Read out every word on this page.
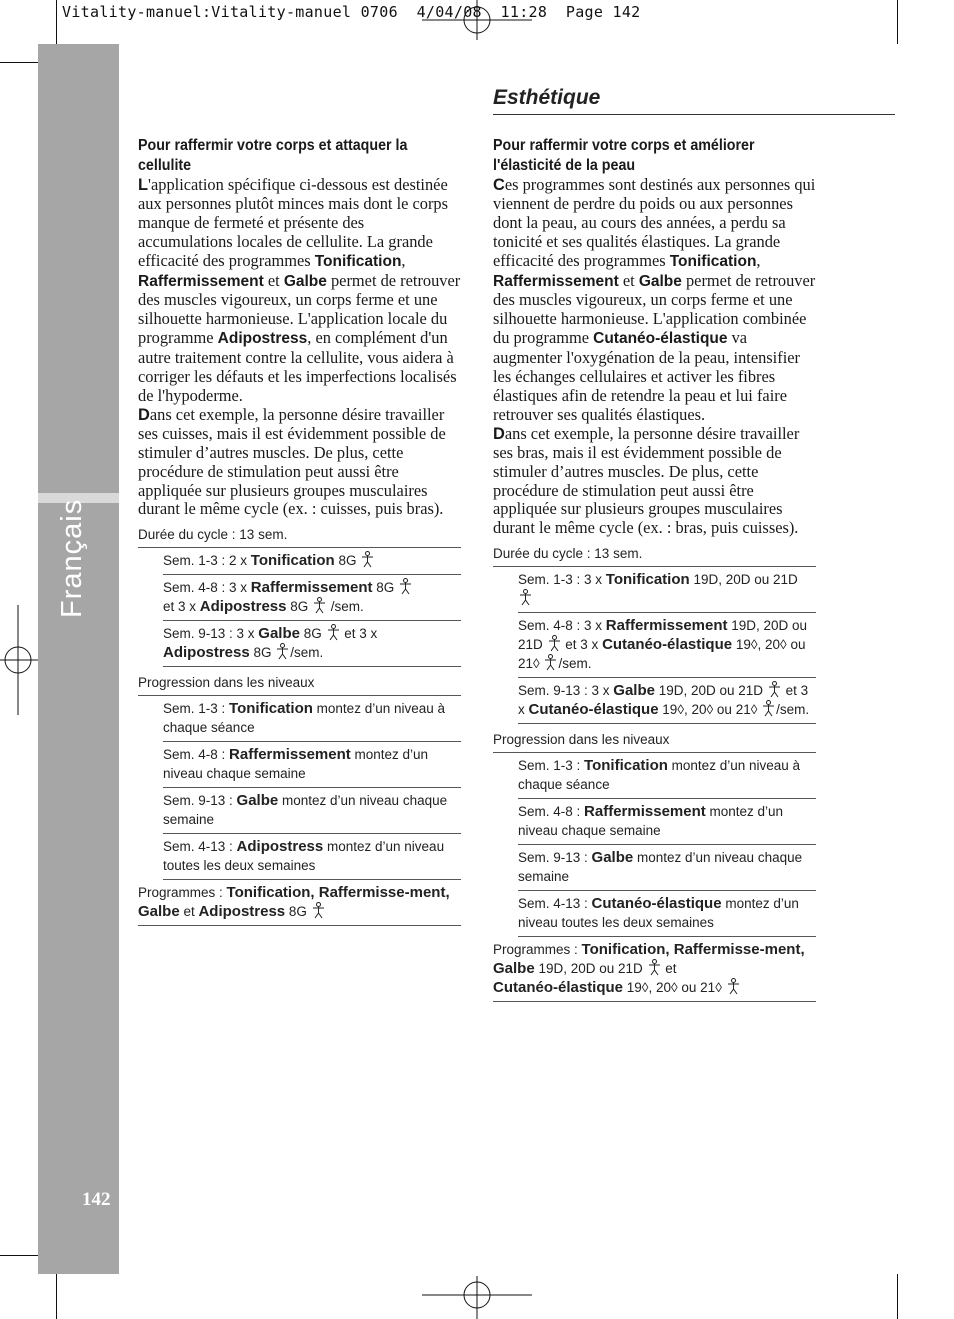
Vitality-manuel:Vitality-manuel 0706  4/04/08  11:28  Page 142
Français
142
Esthétique

Pour raffermir votre corps et attaquer la cellulite

L'application spécifique ci-dessous est destinée aux personnes plutôt minces mais dont le corps manque de fermeté et présente des accumulations locales de cellulite. La grande efficacité des programmes Tonification, Raffermissement et Galbe permet de retrouver des muscles vigoureux, un corps ferme et une silhouette harmonieuse. L'application locale du programme Adipostress, en complément d'un autre traitement contre la cellulite, vous aidera à corriger les défauts et les imperfections localisés de l'hypoderme.

Dans cet exemple, la personne désire travailler ses cuisses, mais il est évidemment possible de stimuler d’autres muscles. De plus, cette procédure de stimulation peut aussi être appliquée sur plusieurs groupes musculaires durant le même cycle (ex. : cuisses, puis bras).

Durée du cycle : 13 sem.
Sem. 1-3 : 2 x Tonification 8G
Sem. 4-8 : 3 x Raffermissement 8G
et 3 x Adipostress 8G  /sem.
Sem. 9-13 : 3 x Galbe 8G  et 3 x
Adipostress 8G /sem.
Progression dans les niveaux
Sem. 1-3 : Tonification montez d’un niveau à chaque séance
Sem. 4-8 : Raffermissement montez d’un niveau chaque semaine
Sem. 9-13 : Galbe montez d’un niveau chaque semaine
Sem. 4-13 : Adipostress montez d’un niveau toutes les deux semaines
Programmes : Tonification, Raffermisse-ment, Galbe et Adipostress 8G

Pour raffermir votre corps et améliorer l'élasticité de la peau

Ces programmes sont destinés aux personnes qui viennent de perdre du poids ou aux personnes dont la peau, au cours des années, a perdu sa tonicité et ses qualités élastiques. La grande efficacité des programmes Tonification, Raffermissement et Galbe permet de retrouver des muscles vigoureux, un corps ferme et une silhouette harmonieuse. L'application combinée du programme Cutanéo-élastique va augmenter l'oxygénation de la peau, intensifier les échanges cellulaires et activer les fibres élastiques afin de retendre la peau et lui faire retrouver ses qualités élastiques.

Dans cet exemple, la personne désire travailler ses bras, mais il est évidemment possible de stimuler d’autres muscles. De plus, cette procédure de stimulation peut aussi être appliquée sur plusieurs groupes musculaires durant le même cycle (ex. : bras, puis cuisses).

Durée du cycle : 13 sem.
Sem. 1-3 : 3 x Tonification 19D, 20D ou 21D
Sem. 4-8 : 3 x Raffermissement 19D, 20D ou 21D  et 3 x Cutanéo-élastique 19◊, 20◊ ou 21◊ /sem.
Sem. 9-13 : 3 x Galbe 19D, 20D ou 21D  et 3 x Cutanéo-élastique 19◊, 20◊ ou 21◊ /sem.
Progression dans les niveaux
Sem. 1-3 : Tonification montez d’un niveau à chaque séance
Sem. 4-8 : Raffermissement montez d’un niveau chaque semaine
Sem. 9-13 : Galbe montez d’un niveau chaque semaine
Sem. 4-13 : Cutanéo-élastique montez d’un niveau toutes les deux semaines
Programmes : Tonification, Raffermisse-ment, Galbe 19D, 20D ou 21D  et
Cutanéo-élastique 19◊, 20◊ ou 21◊
